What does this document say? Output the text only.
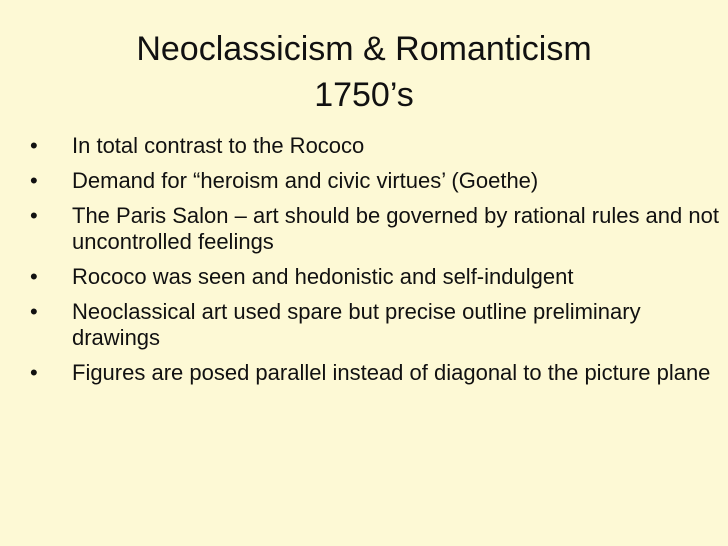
Neoclassicism & Romanticism
1750’s
• In total contrast to the Rococo
• Demand for “heroism and civic virtues’ (Goethe)
• The Paris Salon – art should be governed by rational rules and not uncontrolled feelings
• Rococo was seen and hedonistic and self-indulgent
• Neoclassical art used spare but precise outline preliminary drawings
• Figures are posed parallel instead of diagonal to the picture plane
